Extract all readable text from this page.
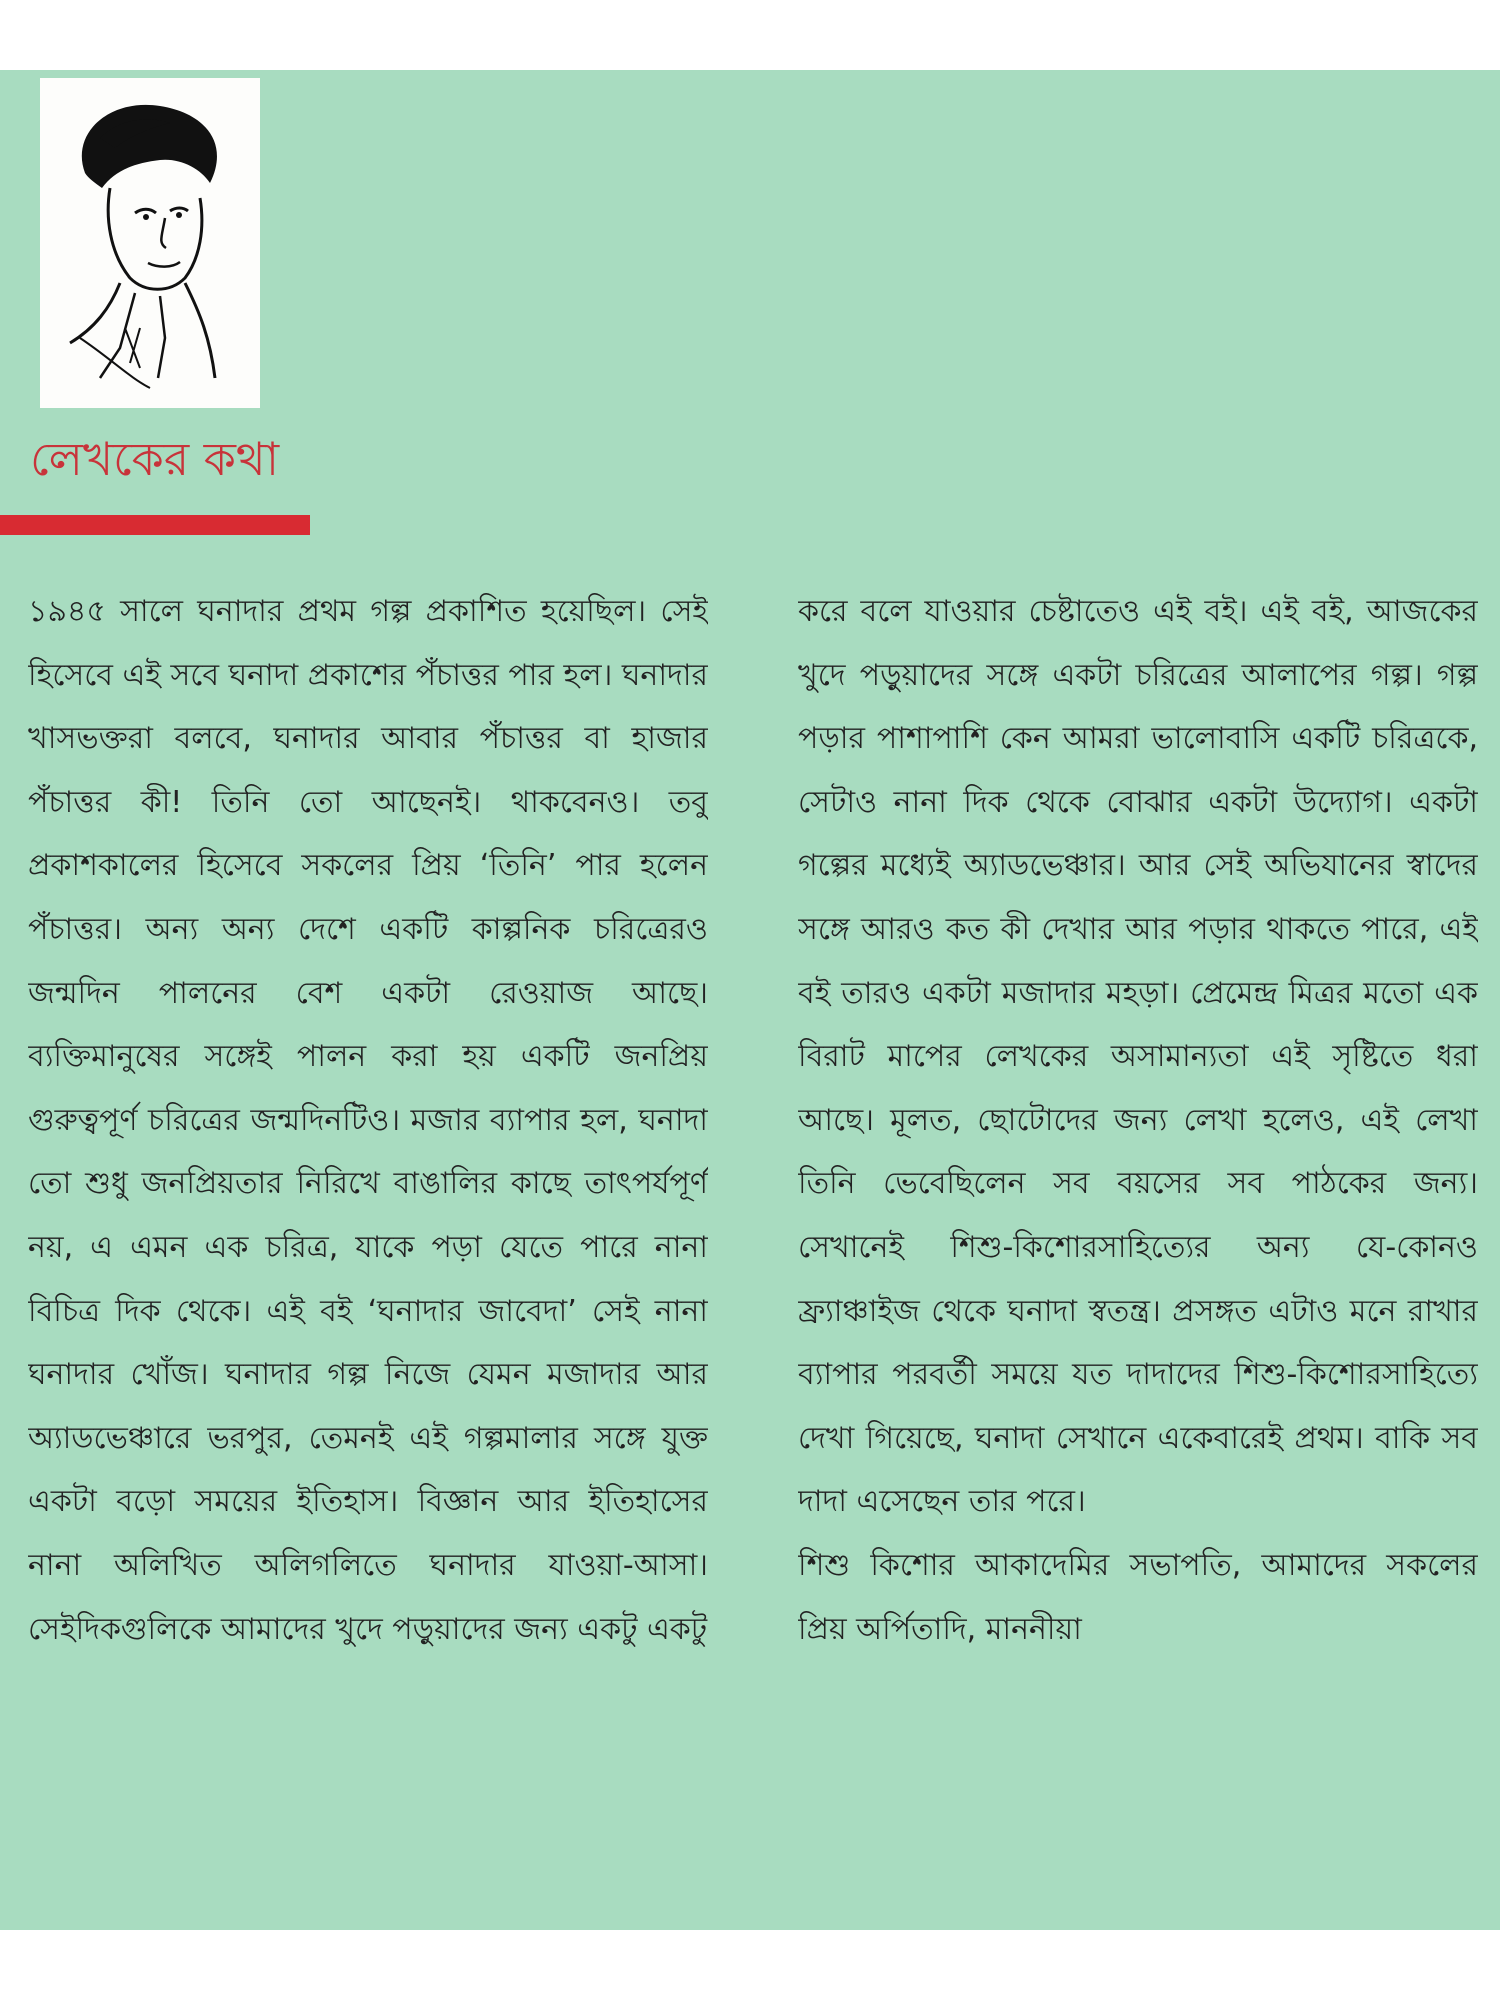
লেখকের কথা

১৯৪৫ সালে ঘনাদার প্রথম গল্প প্রকাশিত হয়েছিল। সেই হিসেবে এই সবে ঘনাদা প্রকাশের পঁচাত্তর পার হল। ঘনাদার খাসভক্তরা বলবে, ঘনাদার আবার পঁচাত্তর বা হাজার পঁচাত্তর কী! তিনি তো আছেনই। থাকবেনও। তবু প্রকাশকালের হিসেবে সকলের প্রিয় ‘তিনি’ পার হলেন পঁচাত্তর। অন্য অন্য দেশে একটি কাল্পনিক চরিত্রেরও জন্মদিন পালনের বেশ একটা রেওয়াজ আছে। ব্যক্তিমানুষের সঙ্গেই পালন করা হয় একটি জনপ্রিয় গুরুত্বপূর্ণ চরিত্রের জন্মদিনটিও। মজার ব্যাপার হল, ঘনাদা তো শুধু জনপ্রিয়তার নিরিখে বাঙালির কাছে তাৎপর্যপূর্ণ নয়, এ এমন এক চরিত্র, যাকে পড়া যেতে পারে নানা বিচিত্র দিক থেকে। এই বই ‘ঘনাদার জাবেদা’ সেই নানা ঘনাদার খোঁজ। ঘনাদার গল্প নিজে যেমন মজাদার আর অ্যাডভেঞ্চারে ভরপুর, তেমনই এই গল্পমালার সঙ্গে যুক্ত একটা বড়ো সময়ের ইতিহাস। বিজ্ঞান আর ইতিহাসের নানা অলিখিত অলিগলিতে ঘনাদার যাওয়া-আসা। সেইদিকগুলিকে আমাদের খুদে পড়ুয়াদের জন্য একটু একটু

করে বলে যাওয়ার চেষ্টাতেও এই বই। এই বই, আজকের খুদে পড়ুয়াদের সঙ্গে একটা চরিত্রের আলাপের গল্প। গল্প পড়ার পাশাপাশি কেন আমরা ভালোবাসি একটি চরিত্রকে, সেটাও নানা দিক থেকে বোঝার একটা উদ্যোগ। একটা গল্পের মধ্যেই অ্যাডভেঞ্চার। আর সেই অভিযানের স্বাদের সঙ্গে আরও কত কী দেখার আর পড়ার থাকতে পারে, এই বই তারও একটা মজাদার মহড়া। প্রেমেন্দ্র মিত্রর মতো এক বিরাট মাপের লেখকের অসামান্যতা এই সৃষ্টিতে ধরা আছে। মূলত, ছোটোদের জন্য লেখা হলেও, এই লেখা তিনি ভেবেছিলেন সব বয়সের সব পাঠকের জন্য। সেখানেই শিশু-কিশোরসাহিত্যের অন্য যে-কোনও ফ্র্যাঞ্চাইজ থেকে ঘনাদা স্বতন্ত্র। প্রসঙ্গত এটাও মনে রাখার ব্যাপার পরবর্তী সময়ে যত দাদাদের শিশু-কিশোরসাহিত্যে দেখা গিয়েছে, ঘনাদা সেখানে একেবারেই প্রথম। বাকি সব দাদা এসেছেন তার পরে।

শিশু কিশোর আকাদেমির সভাপতি, আমাদের সকলের প্রিয় অর্পিতাদি, মাননীয়া
